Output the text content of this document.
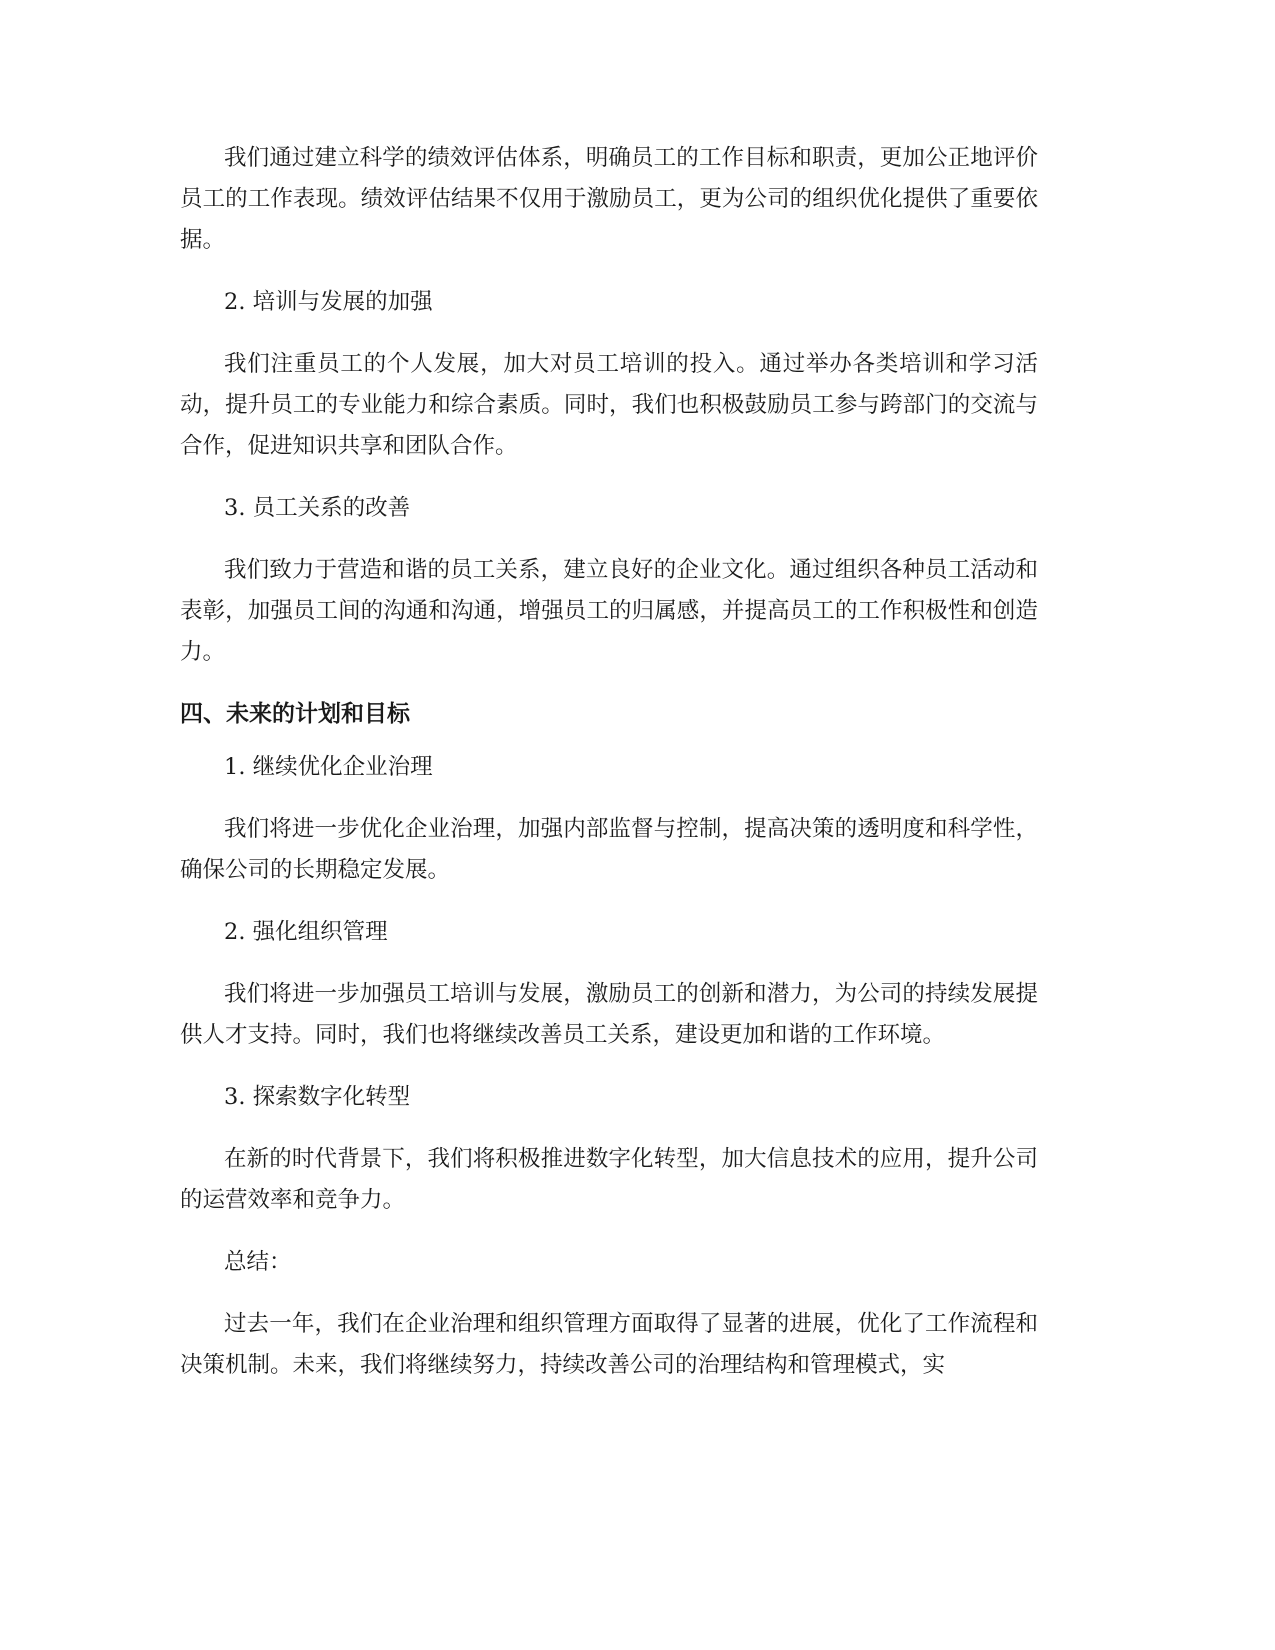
我们通过建立科学的绩效评估体系，明确员工的工作目标和职责，更加公正地评价员工的工作表现。绩效评估结果不仅用于激励员工，更为公司的组织优化提供了重要依据。

2. 培训与发展的加强

我们注重员工的个人发展，加大对员工培训的投入。通过举办各类培训和学习活动，提升员工的专业能力和综合素质。同时，我们也积极鼓励员工参与跨部门的交流与合作，促进知识共享和团队合作。

3. 员工关系的改善

我们致力于营造和谐的员工关系，建立良好的企业文化。通过组织各种员工活动和表彰，加强员工间的沟通和沟通，增强员工的归属感，并提高员工的工作积极性和创造力。

四、未来的计划和目标

1. 继续优化企业治理

我们将进一步优化企业治理，加强内部监督与控制，提高决策的透明度和科学性，确保公司的长期稳定发展。

2. 强化组织管理

我们将进一步加强员工培训与发展，激励员工的创新和潜力，为公司的持续发展提供人才支持。同时，我们也将继续改善员工关系，建设更加和谐的工作环境。

3. 探索数字化转型

在新的时代背景下，我们将积极推进数字化转型，加大信息技术的应用，提升公司的运营效率和竞争力。

总结：

过去一年，我们在企业治理和组织管理方面取得了显著的进展，优化了工作流程和决策机制。未来，我们将继续努力，持续改善公司的治理结构和管理模式，实
